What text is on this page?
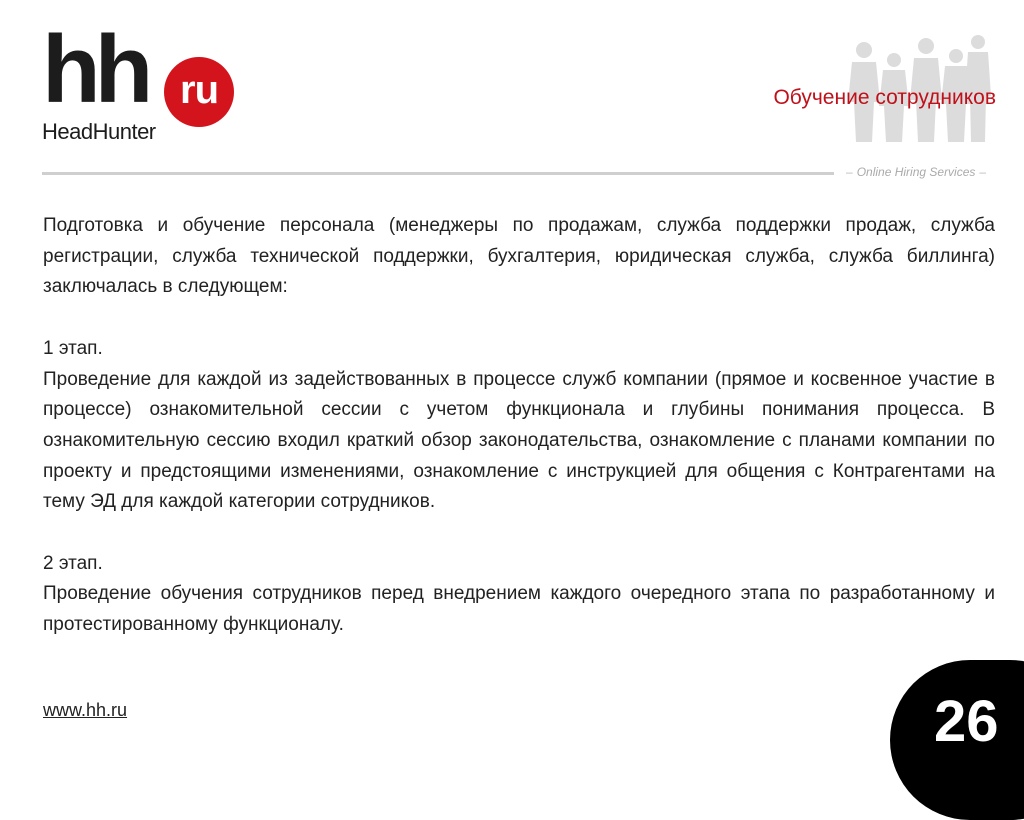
hh ru
HeadHunter
Обучение сотрудников
– Online Hiring Services –

Подготовка и обучение персонала (менеджеры по продажам, служба поддержки продаж, служба регистрации, служба технической поддержки, бухгалтерия, юридическая служба, служба биллинга) заключалась в следующем:

1 этап.

Проведение для каждой из задействованных в процессе служб компании (прямое и косвенное участие в процессе) ознакомительной сессии с учетом функционала и глубины понимания процесса. В ознакомительную сессию входил краткий обзор законодательства, ознакомление с планами компании по проекту и предстоящими изменениями, ознакомление с инструкцией для общения с Контрагентами на тему ЭД для каждой категории сотрудников.

2 этап.

Проведение обучения сотрудников перед внедрением каждого очередного этапа по разработанному и протестированному функционалу.

www.hh.ru	26
